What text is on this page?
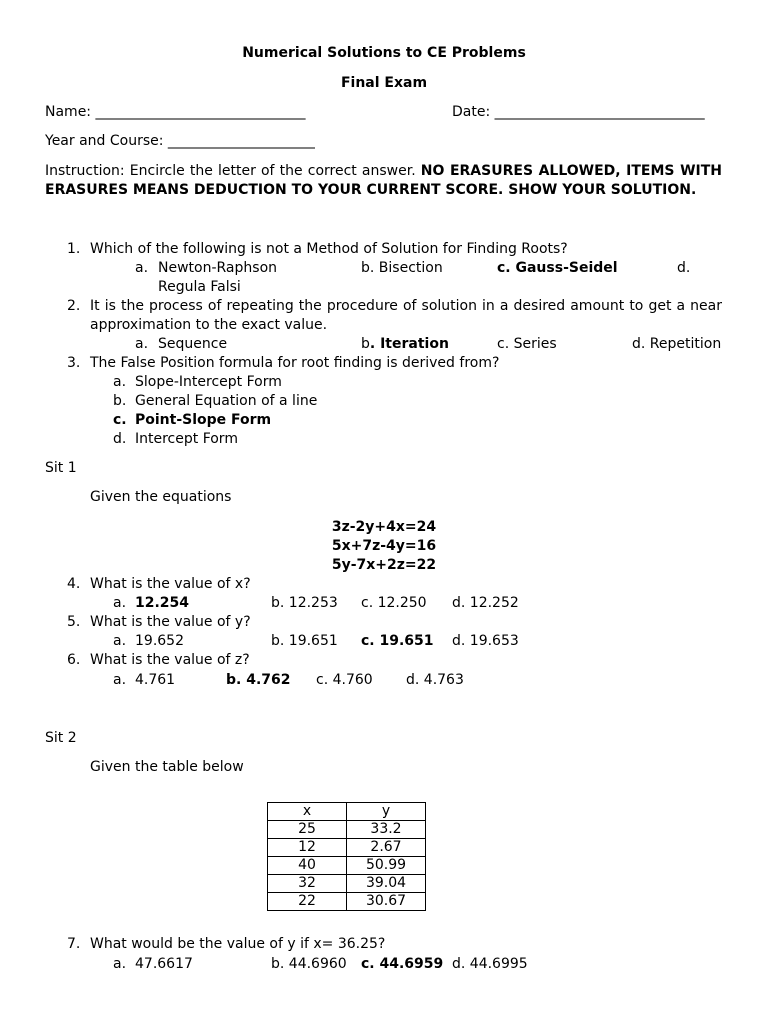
Numerical Solutions to CE Problems
Final Exam
Name: ______________________________	Date: ______________________________
Year and Course: _____________________
Instruction: Encircle the letter of the correct answer. NO ERASURES ALLOWED, ITEMS WITH ERASURES MEANS DEDUCTION TO YOUR CURRENT SCORE. SHOW YOUR SOLUTION.
1. Which of the following is not a Method of Solution for Finding Roots?
a. Newton-Raphson	b. Bisection	c. Gauss-Seidel	d.
Regula Falsi
2. It is the process of repeating the procedure of solution in a desired amount to get a near approximation to the exact value.
a. Sequence	b. Iteration	c. Series	d. Repetition
3. The False Position formula for root finding is derived from?
a. Slope-Intercept Form
b. General Equation of a line
c. Point-Slope Form
d. Intercept Form
Sit 1
Given the equations
3z-2y+4x=24
5x+7z-4y=16
5y-7x+2z=22
4. What is the value of x?
a. 12.254	b. 12.253 c. 12.250 d. 12.252
5. What is the value of y?
a. 19.652	b. 19.651 c. 19.651 d. 19.653
6. What is the value of z?
a. 4.761	b. 4.762 c. 4.760 d. 4.763
Sit 2
Given the table below
x	y
25	33.2
12	2.67
40	50.99
32	39.04
22	30.67
7. What would be the value of y if x= 36.25?
a. 47.6617	b. 44.6960 c. 44.6959 d. 44.6995
